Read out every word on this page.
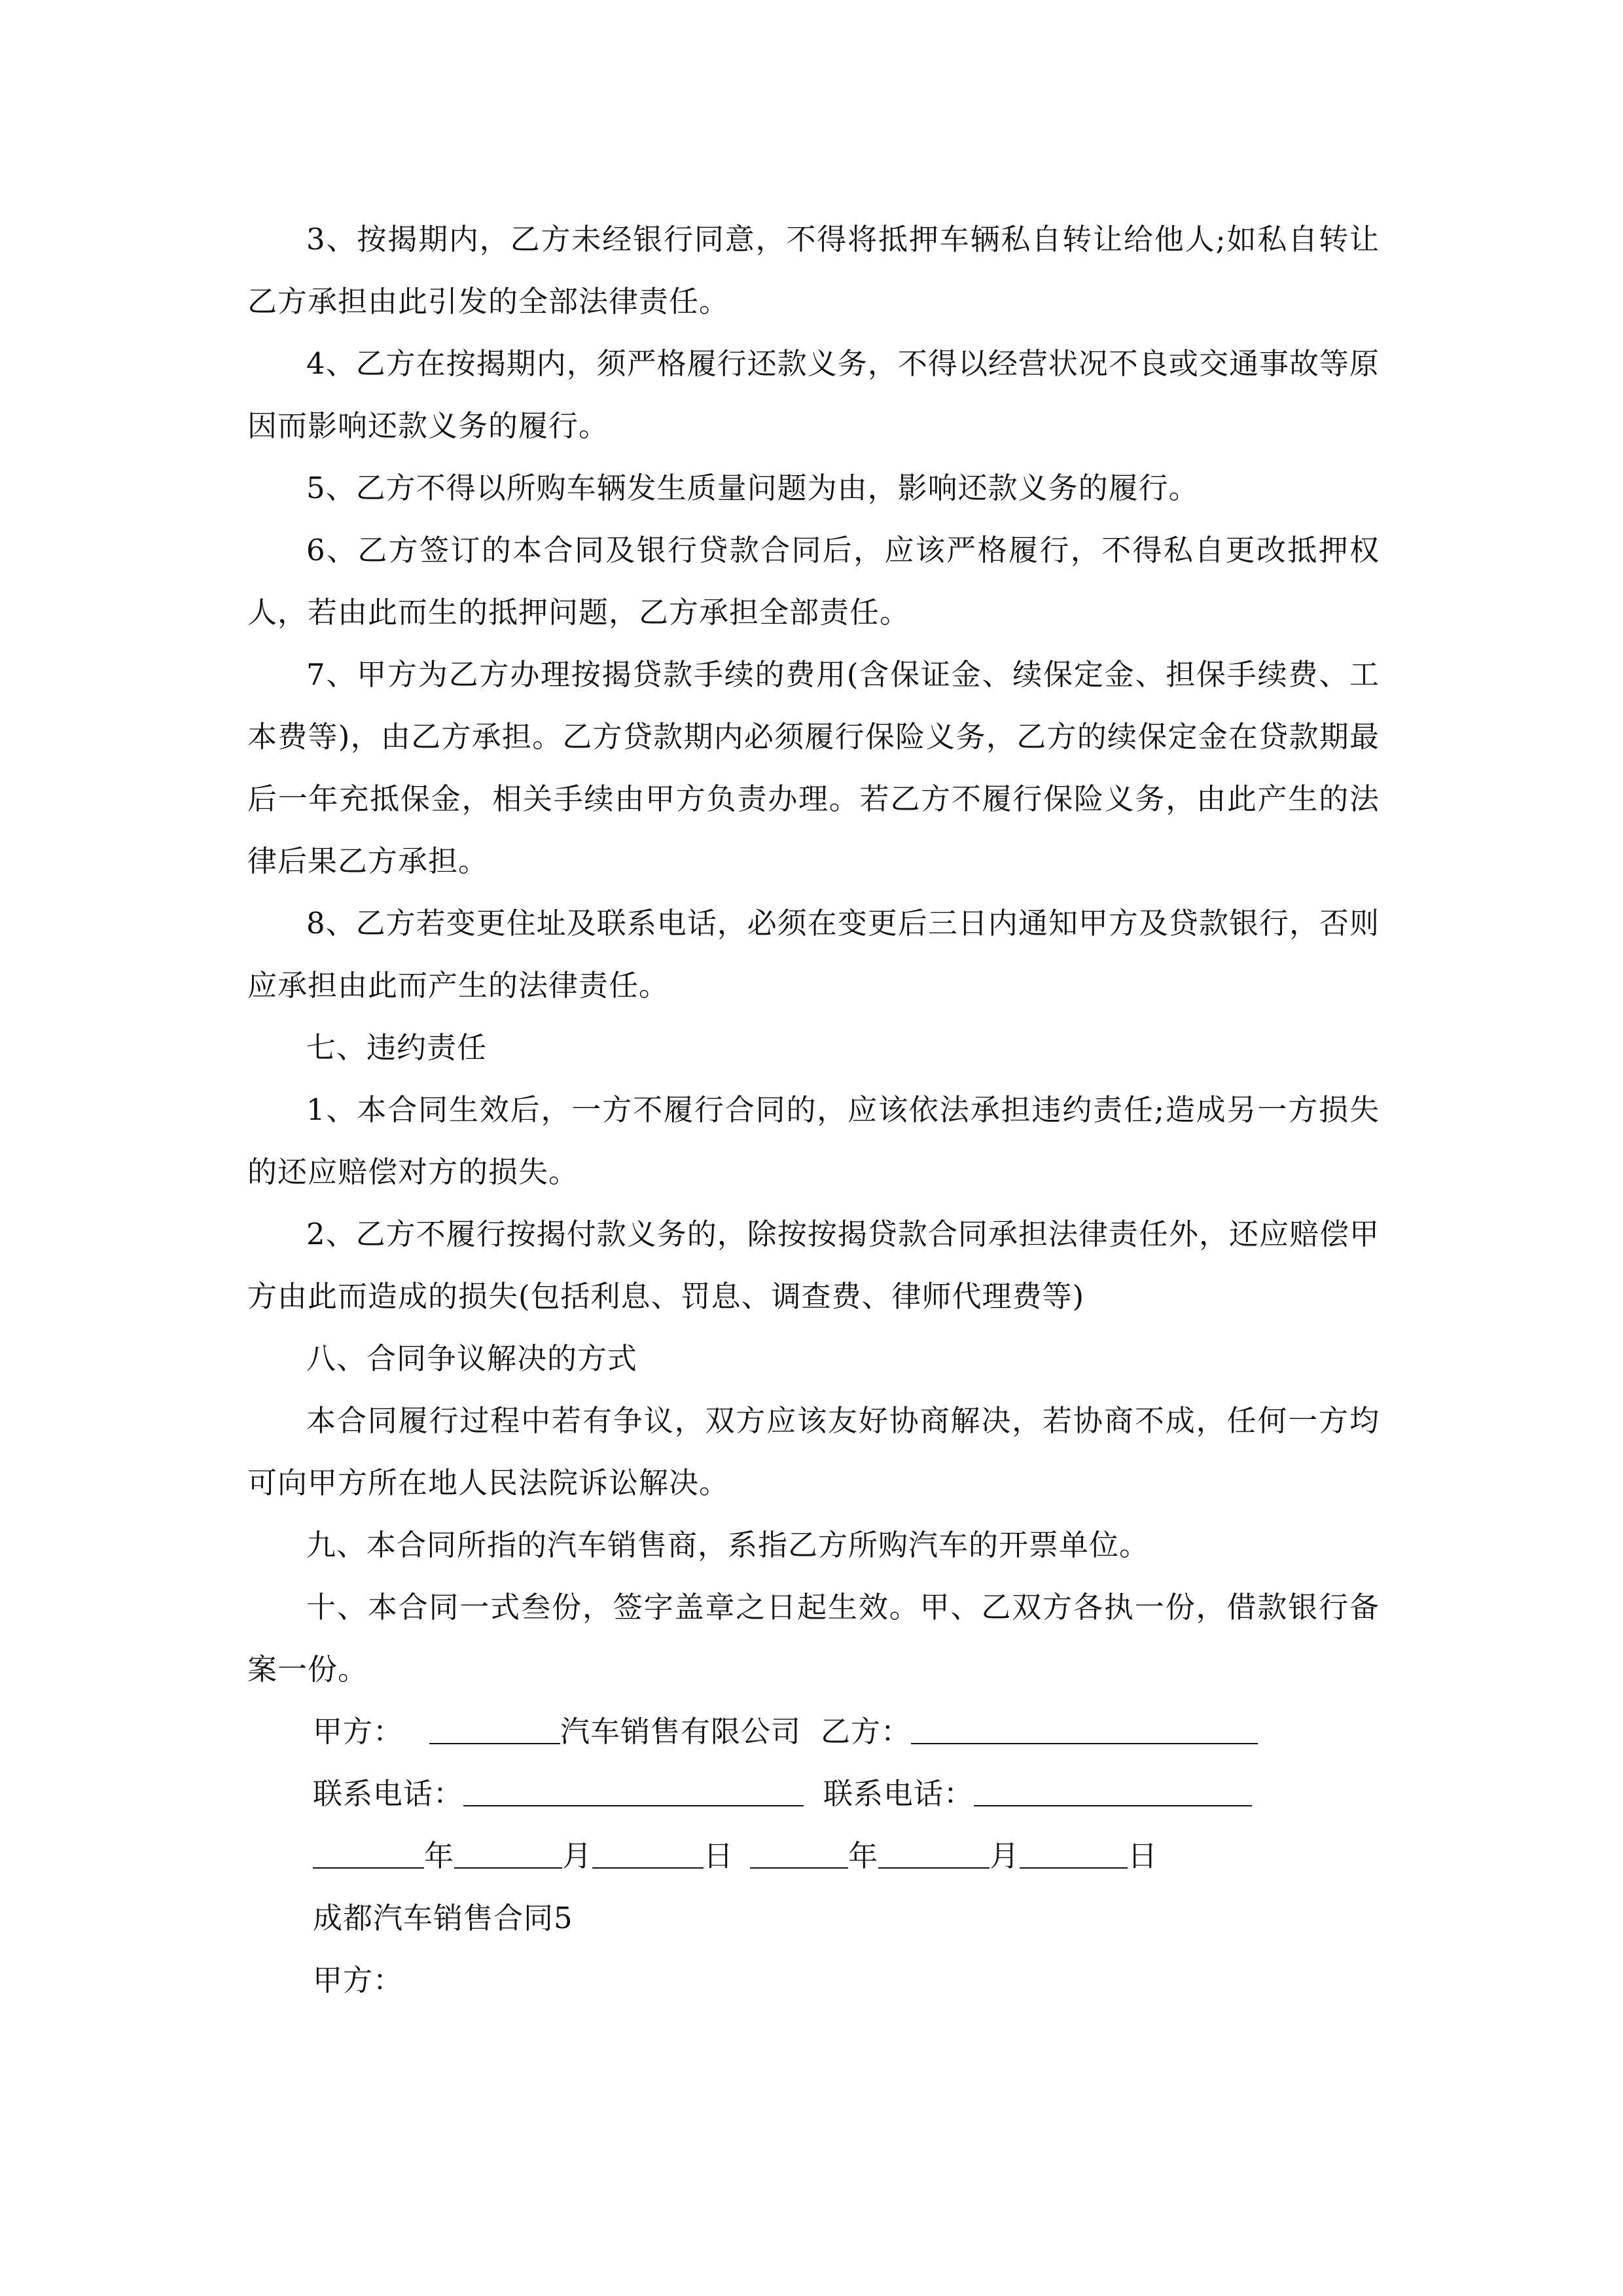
3、按揭期内，乙方未经银行同意，不得将抵押车辆私自转让给他人;如私自转让乙方承担由此引发的全部法律责任。

4、乙方在按揭期内，须严格履行还款义务，不得以经营状况不良或交通事故等原因而影响还款义务的履行。

5、乙方不得以所购车辆发生质量问题为由，影响还款义务的履行。

6、乙方签订的本合同及银行贷款合同后，应该严格履行，不得私自更改抵押权人，若由此而生的抵押问题，乙方承担全部责任。

7、甲方为乙方办理按揭贷款手续的费用(含保证金、续保定金、担保手续费、工本费等)，由乙方承担。乙方贷款期内必须履行保险义务，乙方的续保定金在贷款期最后一年充抵保金，相关手续由甲方负责办理。若乙方不履行保险义务，由此产生的法律后果乙方承担。

8、乙方若变更住址及联系电话，必须在变更后三日内通知甲方及贷款银行，否则应承担由此而产生的法律责任。

七、违约责任

1、本合同生效后，一方不履行合同的，应该依法承担违约责任;造成另一方损失的还应赔偿对方的损失。

2、乙方不履行按揭付款义务的，除按按揭贷款合同承担法律责任外，还应赔偿甲方由此而造成的损失(包括利息、罚息、调查费、律师代理费等)

八、合同争议解决的方式

本合同履行过程中若有争议，双方应该友好协商解决，若协商不成，任何一方均可向甲方所在地人民法院诉讼解决。

九、本合同所指的汽车销售商，系指乙方所购汽车的开票单位。

十、本合同一式叁份，签字盖章之日起生效。甲、乙双方各执一份，借款银行备案一份。

甲方：	汽车销售有限公司 乙方：

联系电话：	联系电话：

年	月	日	年	月	日

成都汽车销售合同5

甲方：
